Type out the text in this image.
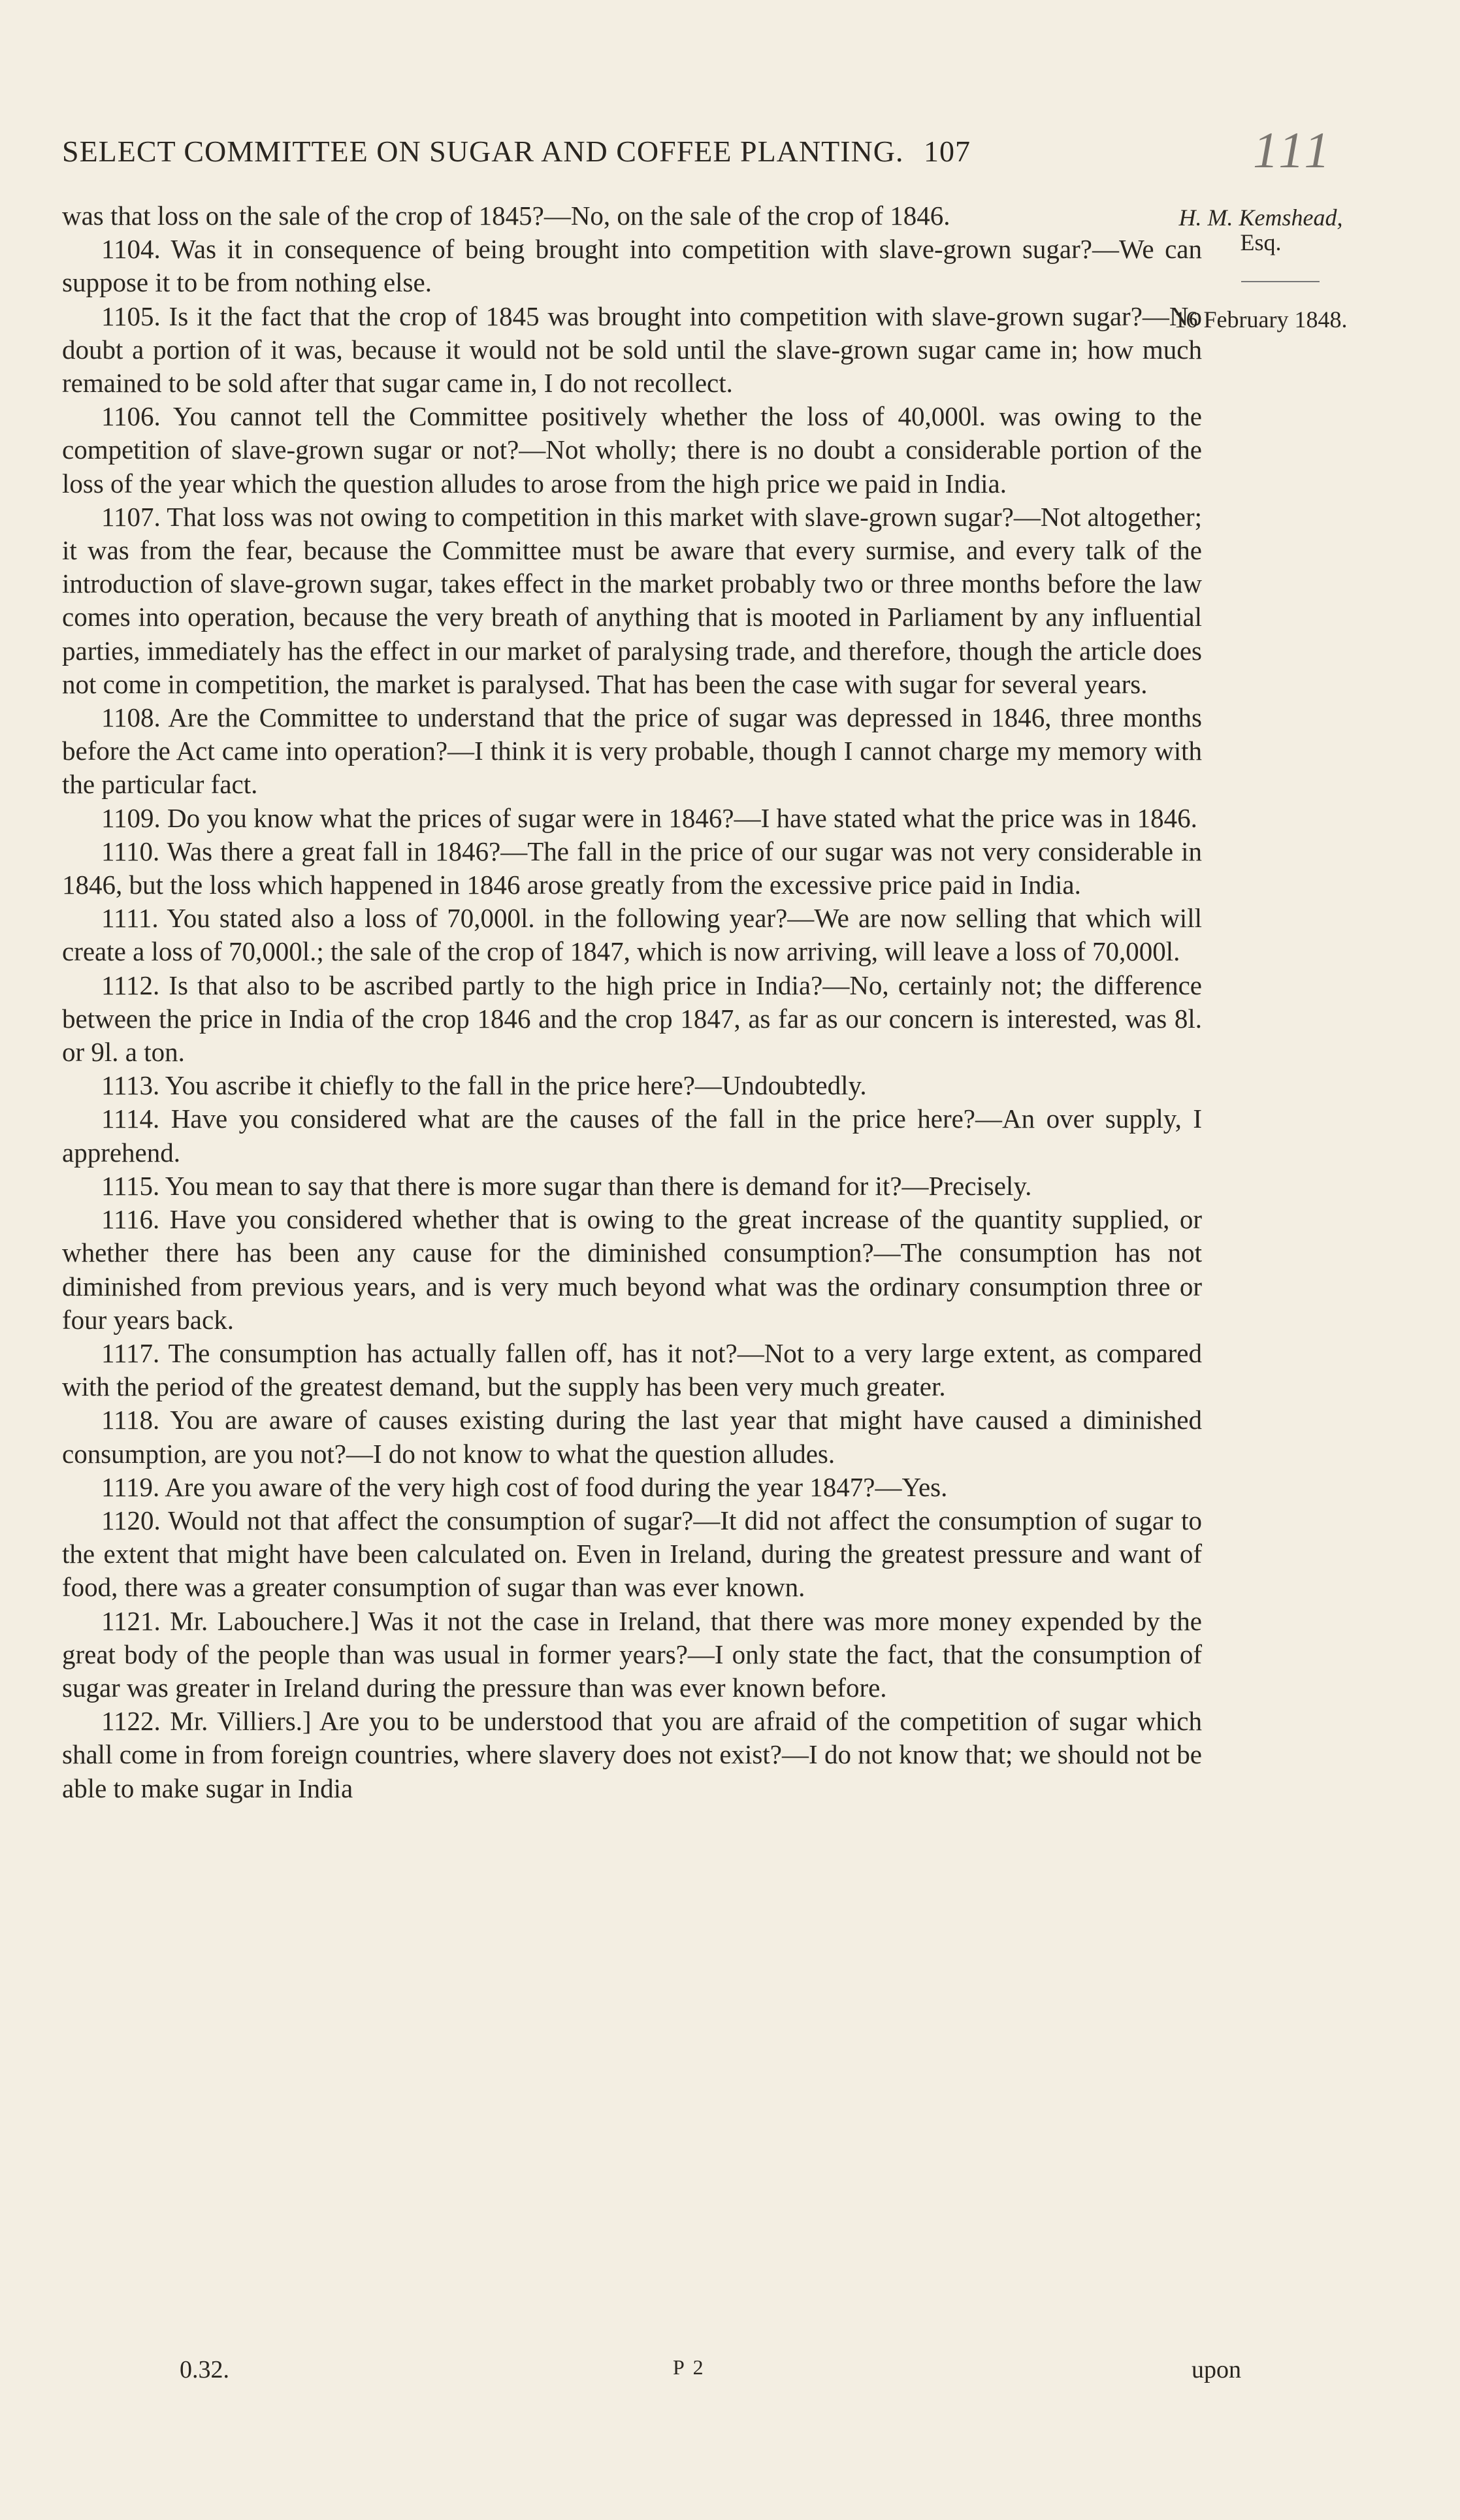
SELECT COMMITTEE ON SUGAR AND COFFEE PLANTING. 107	111
H. M. Kemshead,
Esq.
16 February 1848.

was that loss on the sale of the crop of 1845?—No, on the sale of the crop of 1846.

1104. Was it in consequence of being brought into competition with slave-grown sugar?—We can suppose it to be from nothing else.

1105. Is it the fact that the crop of 1845 was brought into competition with slave-grown sugar?—No doubt a portion of it was, because it would not be sold until the slave-grown sugar came in; how much remained to be sold after that sugar came in, I do not recollect.

1106. You cannot tell the Committee positively whether the loss of 40,000l. was owing to the competition of slave-grown sugar or not?—Not wholly; there is no doubt a considerable portion of the loss of the year which the question alludes to arose from the high price we paid in India.

1107. That loss was not owing to competition in this market with slave-grown sugar?—Not altogether; it was from the fear, because the Committee must be aware that every surmise, and every talk of the introduction of slave-grown sugar, takes effect in the market probably two or three months before the law comes into operation, because the very breath of anything that is mooted in Parliament by any influential parties, immediately has the effect in our market of paralysing trade, and therefore, though the article does not come in competition, the market is paralysed. That has been the case with sugar for several years.

1108. Are the Committee to understand that the price of sugar was depressed in 1846, three months before the Act came into operation?—I think it is very probable, though I cannot charge my memory with the particular fact.

1109. Do you know what the prices of sugar were in 1846?—I have stated what the price was in 1846.

1110. Was there a great fall in 1846?—The fall in the price of our sugar was not very considerable in 1846, but the loss which happened in 1846 arose greatly from the excessive price paid in India.

1111. You stated also a loss of 70,000l. in the following year?—We are now selling that which will create a loss of 70,000l.; the sale of the crop of 1847, which is now arriving, will leave a loss of 70,000l.

1112. Is that also to be ascribed partly to the high price in India?—No, certainly not; the difference between the price in India of the crop 1846 and the crop 1847, as far as our concern is interested, was 8l. or 9l. a ton.

1113. You ascribe it chiefly to the fall in the price here?—Undoubtedly.

1114. Have you considered what are the causes of the fall in the price here?—An over supply, I apprehend.

1115. You mean to say that there is more sugar than there is demand for it?—Precisely.

1116. Have you considered whether that is owing to the great increase of the quantity supplied, or whether there has been any cause for the diminished consumption?—The consumption has not diminished from previous years, and is very much beyond what was the ordinary consumption three or four years back.

1117. The consumption has actually fallen off, has it not?—Not to a very large extent, as compared with the period of the greatest demand, but the supply has been very much greater.

1118. You are aware of causes existing during the last year that might have caused a diminished consumption, are you not?—I do not know to what the question alludes.

1119. Are you aware of the very high cost of food during the year 1847?—Yes.

1120. Would not that affect the consumption of sugar?—It did not affect the consumption of sugar to the extent that might have been calculated on. Even in Ireland, during the greatest pressure and want of food, there was a greater consumption of sugar than was ever known.

1121. Mr. Labouchere.] Was it not the case in Ireland, that there was more money expended by the great body of the people than was usual in former years?—I only state the fact, that the consumption of sugar was greater in Ireland during the pressure than was ever known before.

1122. Mr. Villiers.] Are you to be understood that you are afraid of the competition of sugar which shall come in from foreign countries, where slavery does not exist?—I do not know that; we should not be able to make sugar in India

0.32.	P 2	upon
